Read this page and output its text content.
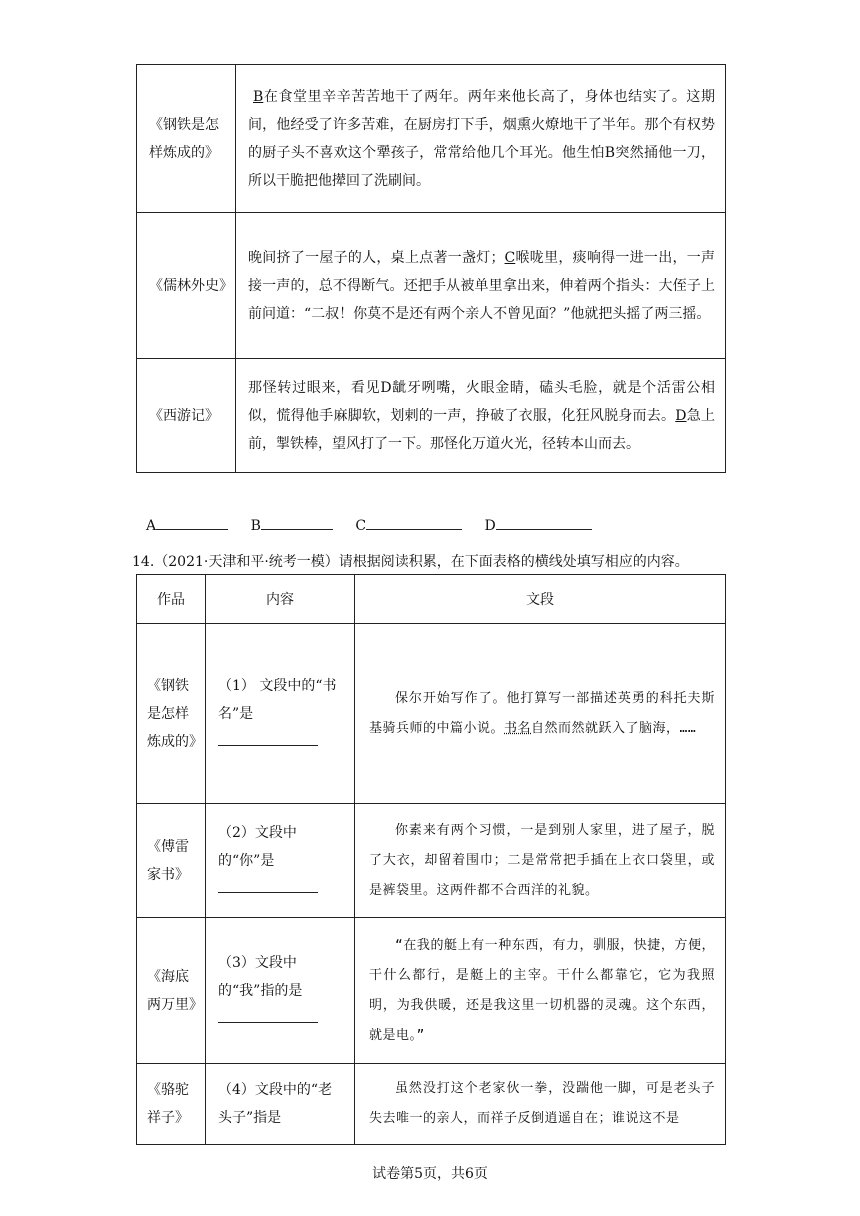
《钢铁是怎样炼成的》	B在食堂里辛辛苦苦地干了两年。两年来他长高了，身体也结实了。这期间，他经受了许多苦难，在厨房打下手，烟熏火燎地干了半年。那个有权势的厨子头不喜欢这个犟孩子，常常给他几个耳光。他生怕B突然捅他一刀，所以干脆把他撵回了洗刷间。
《儒林外史》	晚间挤了一屋子的人，桌上点著一盏灯；C喉咙里，痰响得一进一出，一声接一声的，总不得断气。还把手从被单里拿出来，伸着两个指头：大侄子上前问道：“二叔！你莫不是还有两个亲人不曾见面？”他就把头摇了两三摇。
《西游记》	那怪转过眼来，看见D龇牙咧嘴，火眼金睛，磕头毛脸，就是个活雷公相似，慌得他手麻脚软，划剌的一声，挣破了衣服，化狂风脱身而去。D急上前，掣铁棒，望风打了一下。那怪化万道火光，径转本山而去。
A	B	C	D
14.（2021·天津和平·统考一模）请根据阅读积累，在下面表格的横线处填写相应的内容。
作品	内容	文段
《钢铁是怎样炼成的》	（1） 文段中的“书名”是	保尔开始写作了。他打算写一部描述英勇的科托夫斯基骑兵师的中篇小说。书名自然而然就跃入了脑海，……

《傅雷家书》	（2）文段中的“你”是	你素来有两个习惯，一是到别人家里，进了屋子，脱了大衣，却留着围巾；二是常常把手插在上衣口袋里，或是裤袋里。这两件都不合西洋的礼貌。

《海底两万里》	（3）文段中的“我”指的是	“在我的艇上有一种东西，有力，驯服，快捷，方便， 干什么都行，是艇上的主宰。干什么都靠它，它为我照明，为我供暖，还是我这里一切机器的灵魂。这个东西，就是电。”

《骆驼祥子》	（4）文段中的“老头子”指是	虽然没打这个老家伙一拳，没踹他一脚，可是老头子失去唯一的亲人，而祥子反倒逍遥自在；谁说这不是
试卷第5页，共6页
